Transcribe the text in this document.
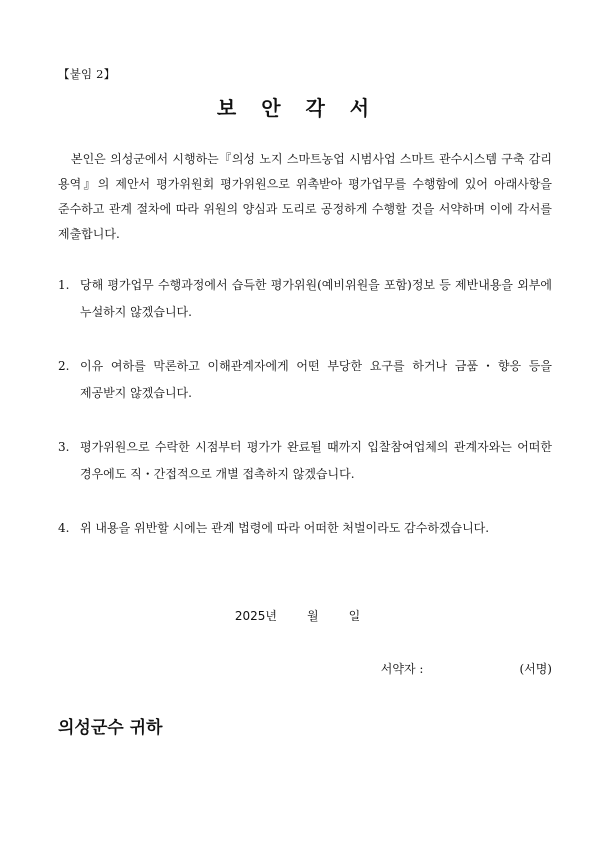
【붙임 2】
보 안 각 서
본인은 의성군에서 시행하는『의성 노지 스마트농업 시범사업 스마트 관수시스템 구축 감리 용역』의 제안서 평가위원회 평가위원으로 위촉받아 평가업무를 수행함에 있어 아래사항을 준수하고 관계 절차에 따라 위원의 양심과 도리로 공정하게 수행할 것을 서약하며 이에 각서를 제출합니다.
1. 당해 평가업무 수행과정에서 습득한 평가위원(예비위원을 포함)정보 등 제반내용을 외부에 누설하지 않겠습니다.
2. 이유 여하를 막론하고 이해관계자에게 어떤 부당한 요구를 하거나 금품・향응 등을 제공받지 않겠습니다.
3. 평가위원으로 수락한 시점부터 평가가 완료될 때까지 입찰참여업체의 관계자와는 어떠한 경우에도 직・간접적으로 개별 접촉하지 않겠습니다.
4. 위 내용을 위반할 시에는 관계 법령에 따라 어떠한 처벌이라도 감수하겠습니다.
2025년	월	일
서약자 :	(서명)
의성군수 귀하
